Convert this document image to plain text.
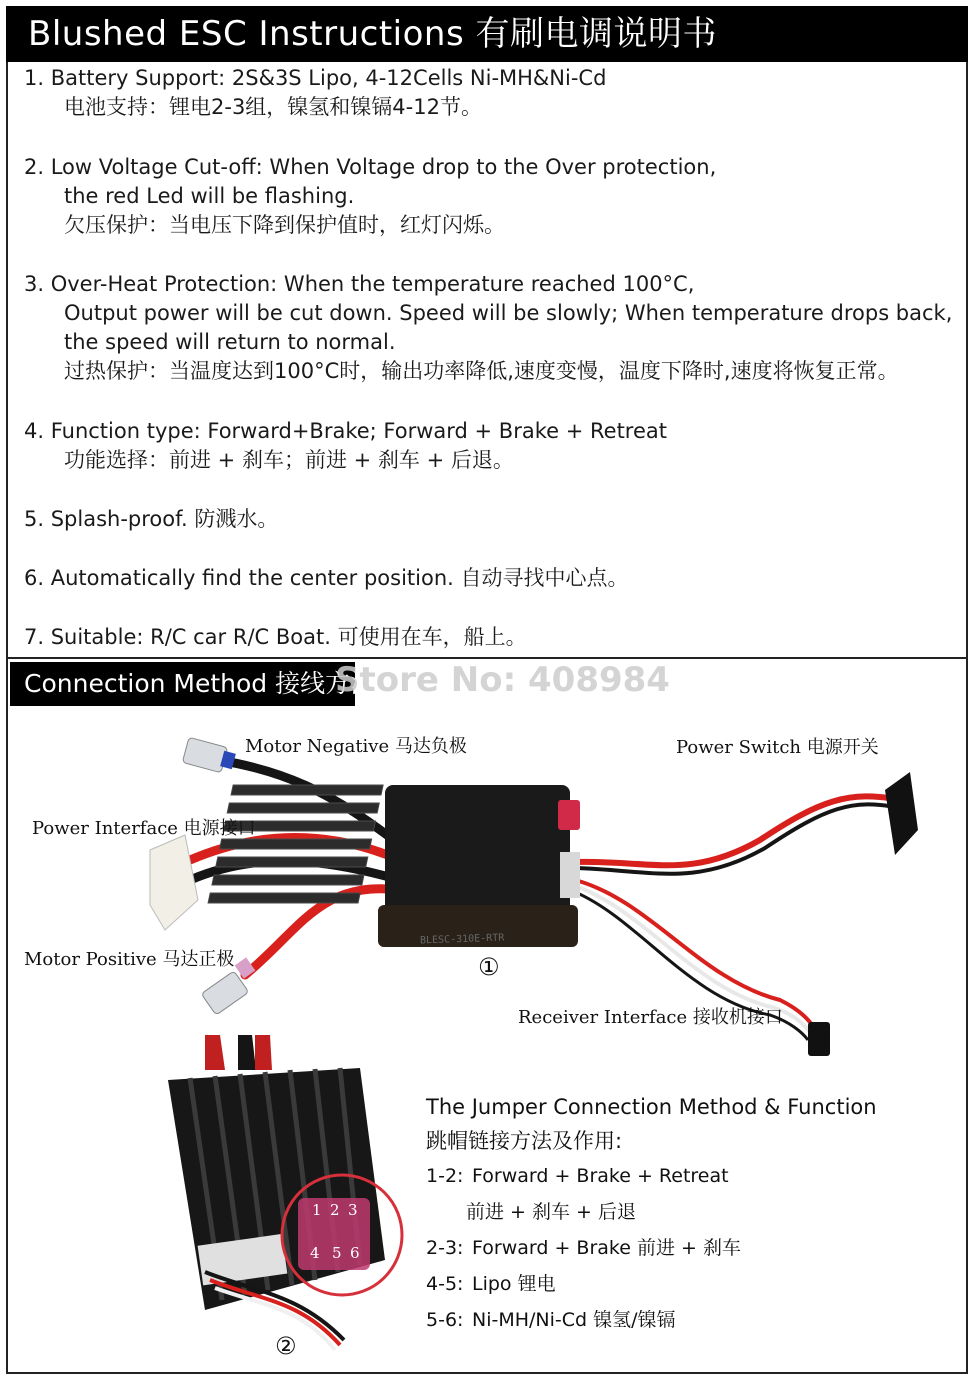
Blushed ESC Instructions 有刷电调说明书
1. Battery Support: 2S&3S Lipo, 4-12Cells Ni-MH&Ni-Cd
电池支持：锂电2-3组，镍氢和镍镉4-12节。
2. Low Voltage Cut-off: When Voltage drop to the Over protection,
the red Led will be flashing.
欠压保护：当电压下降到保护值时，红灯闪烁。
3. Over-Heat Protection: When the temperature reached 100°C,
Output power will be cut down. Speed will be slowly; When temperature drops back,
the speed will return to normal.
过热保护：当温度达到100°C时，输出功率降低,速度变慢，温度下降时,速度将恢复正常。
4. Function type: Forward+Brake; Forward + Brake + Retreat
功能选择：前进 + 刹车；前进 + 刹车 + 后退。
5. Splash-proof. 防溅水。
6. Automatically find the center position. 自动寻找中心点。
7. Suitable: R/C car R/C Boat. 可使用在车，船上。
Connection Method 接线方法:
Store No: 408984
Motor Negative 马达负极	Power Switch 电源开关
Power Interface 电源接口
Motor Positive 马达正极
Receiver Interface 接收机接口
BLESC-310E-RTR
①
②
1 2 3
4 5 6
The Jumper Connection Method & Function
跳帽链接方法及作用:
1-2: Forward + Brake + Retreat
前进 + 刹车 + 后退
2-3: Forward + Brake 前进 + 刹车
4-5: Lipo 锂电
5-6: Ni-MH/Ni-Cd 镍氢/镍镉
